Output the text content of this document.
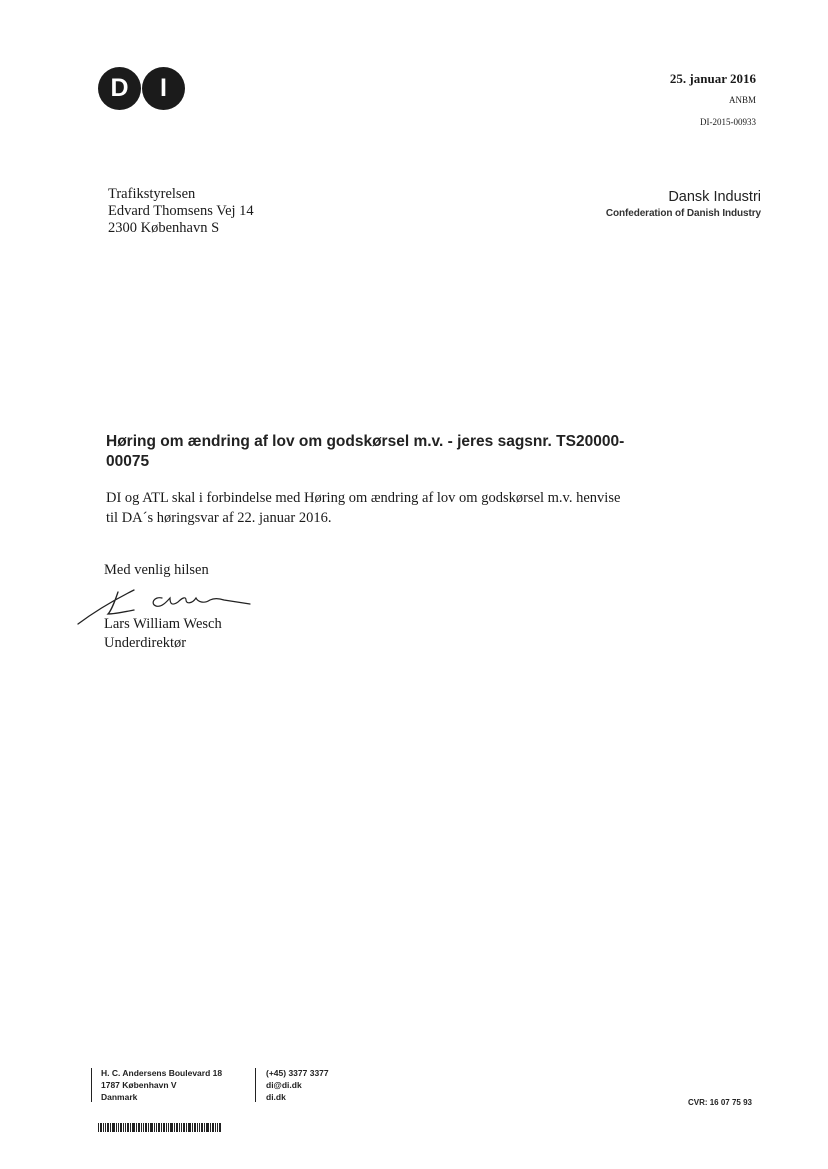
D	I	25. januar 2016
ANBM
DI-2015-00933
Trafikstyrelsen
Edvard Thomsens Vej 14
2300 København S
Dansk Industri
Confederation of Danish Industry
Høring om ændring af lov om godskørsel m.v. - jeres sagsnr. TS20000-
00075
DI og ATL skal i forbindelse med Høring om ændring af lov om godskørsel m.v. henvise
til DA´s høringsvar af 22. januar 2016.
Med venlig hilsen
Lars William Wesch
Underdirektør
H. C. Andersens Boulevard 18
1787 København V
Danmark
(+45) 3377 3377
di@di.dk
di.dk
CVR: 16 07 75 93
